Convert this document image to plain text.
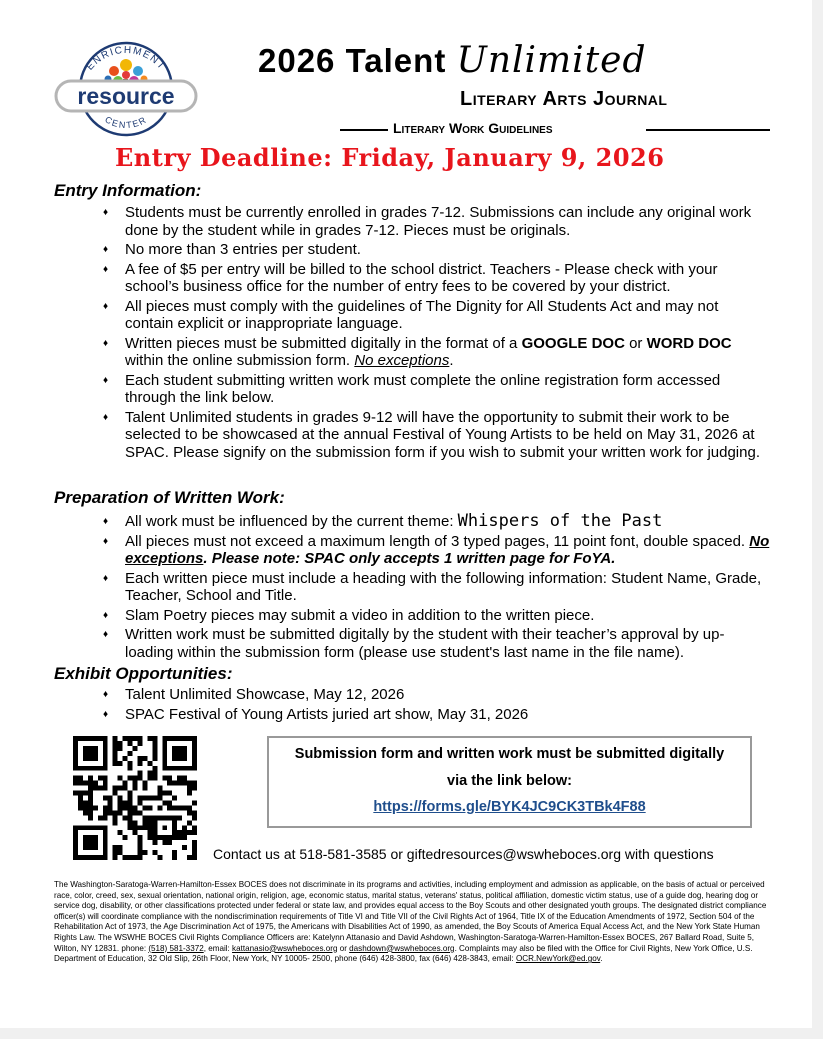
ENRICHMENT
resource
CENTER
2026 Talent Unlimited
Literary Arts Journal
Literary Work Guidelines
Entry Deadline: Friday, January 9, 2026
Entry Information:
♦ Students must be currently enrolled in grades 7-12. Submissions can include any original work done by the student while in grades 7-12. Pieces must be originals.
♦ No more than 3 entries per student.
♦ A fee of $5 per entry will be billed to the school district. Teachers - Please check with your school’s business office for the number of entry fees to be covered by your district.
♦ All pieces must comply with the guidelines of The Dignity for All Students Act and may not contain explicit or inappropriate language.
♦ Written pieces must be submitted digitally in the format of a GOOGLE DOC or WORD DOC within the online submission form. No exceptions.
♦ Each student submitting written work must complete the online registration form accessed through the link below.
♦ Talent Unlimited students in grades 9-12 will have the opportunity to submit their work to be selected to be showcased at the annual Festival of Young Artists to be held on May 31, 2026 at SPAC. Please signify on the submission form if you wish to submit your written work for judging.
Preparation of Written Work:
♦ All work must be influenced by the current theme: Whispers of the Past
♦ All pieces must not exceed a maximum length of 3 typed pages, 11 point font, double spaced. No exceptions. Please note: SPAC only accepts 1 written page for FoYA.
♦ Each written piece must include a heading with the following information: Student Name, Grade, Teacher, School and Title.
♦ Slam Poetry pieces may submit a video in addition to the written piece.
♦ Written work must be submitted digitally by the student with their teacher’s approval by up-loading within the submission form (please use student's last name in the file name).
Exhibit Opportunities:
♦ Talent Unlimited Showcase, May 12, 2026
♦ SPAC Festival of Young Artists juried art show, May 31, 2026
Submission form and written work must be submitted digitally
via the link below:
https://forms.gle/BYK4JC9CK3TBk4F88
Contact us at 518-581-3585 or giftedresources@wswheboces.org with questions
The Washington-Saratoga-Warren-Hamilton-Essex BOCES does not discriminate in its programs and activities, including employment and admission as applicable, on the basis of actual or perceived race, color, creed, sex, sexual orientation, national origin, religion, age, economic status, marital status, veterans' status, political affiliation, domestic victim status, use of a guide dog, hearing dog or service dog, disability, or other classifications protected under federal or state law, and provides equal access to the Boy Scouts and other designated youth groups. The designated district compliance officer(s) will coordinate compliance with the nondiscrimination requirements of Title VI and Title VII of the Civil Rights Act of 1964, Title IX of the Education Amendments of 1972, Section 504 of the Rehabilitation Act of 1973, the Age Discrimination Act of 1975, the Americans with Disabilities Act of 1990, as amended, the Boy Scouts of America Equal Access Act, and the New York State Human Rights Law. The WSWHE BOCES Civil Rights Compliance Officers are: Katelynn Attanasio and David Ashdown, Washington-Saratoga-Warren-Hamilton-Essex BOCES, 267 Ballard Road, Suite 5, Wilton, NY 12831. phone: (518) 581-3372, email: kattanasio@wswheboces.org or dashdown@wswheboces.org. Complaints may also be filed with the Office for Civil Rights, New York Office, U.S. Department of Education, 32 Old Slip, 26th Floor, New York, NY 10005- 2500, phone (646) 428-3800, fax (646) 428-3843, email: OCR.NewYork@ed.gov.
